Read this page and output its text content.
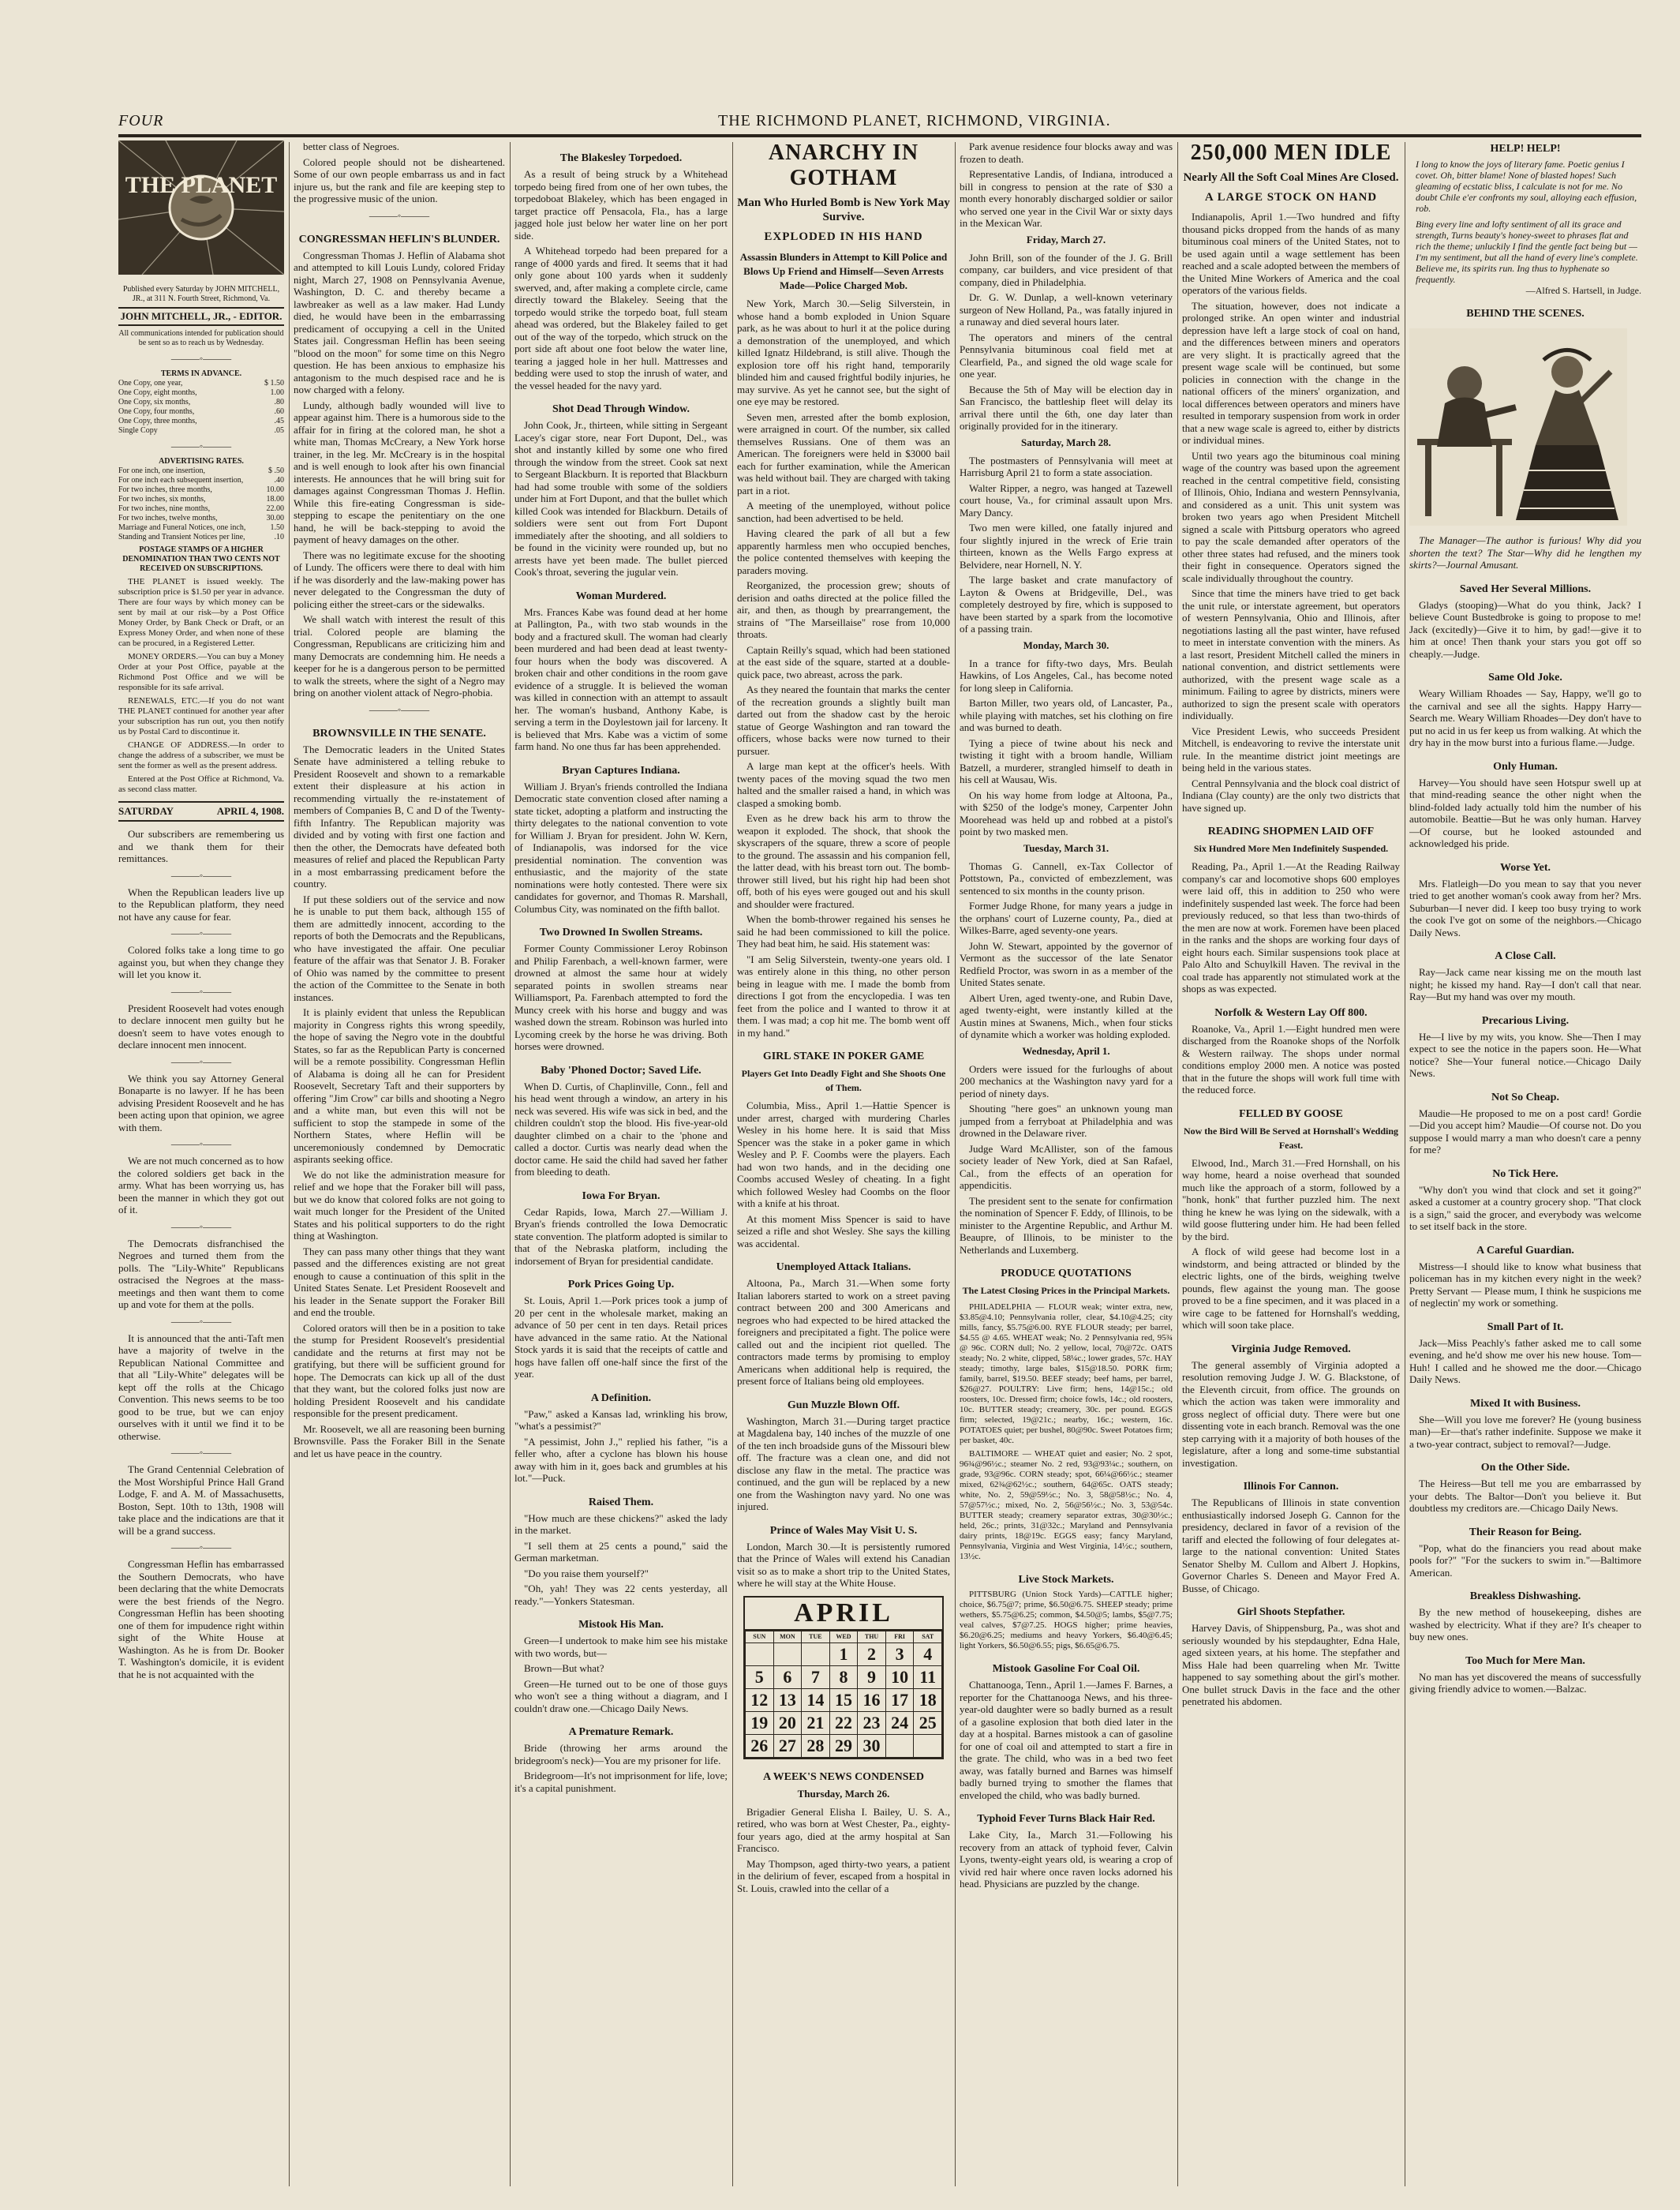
FOUR	THE RICHMOND PLANET, RICHMOND, VIRGINIA.
THE PLANET
Published every Saturday by JOHN MITCHELL, JR., at 311 N. Fourth Street, Richmond, Va.
JOHN MITCHELL, JR., - EDITOR.
All communications intended for publication should be sent so as to reach us by Wednesday.
———◦———
TERMS IN ADVANCE.
One Copy, one year,	$ 1.50
One Copy, eight months,	1.00
One Copy, six months,	.80
One Copy, four months,	.60
One Copy, three months,	.45
Single Copy	.05
———◦———
ADVERTISING RATES.
For one inch, one insertion,	$ .50
For one inch each subsequent insertion,	.40
For two inches, three months,	10.00
For two inches, six months,	18.00
For two inches, nine months,	22.00
For two inches, twelve months,	30.00
Marriage and Funeral Notices, one inch,	1.50
Standing and Transient Notices per line,	.10
POSTAGE STAMPS OF A HIGHER DENOMINATION THAN TWO CENTS NOT RECEIVED ON SUBSCRIPTIONS.

THE PLANET is issued weekly. The subscription price is $1.50 per year in advance. There are four ways by which money can be sent by mail at our risk—by a Post Office Money Order, by Bank Check or Draft, or an Express Money Order, and when none of these can be procured, in a Registered Letter.

MONEY ORDERS.—You can buy a Money Order at your Post Office, payable at the Richmond Post Office and we will be responsible for its safe arrival.

RENEWALS, ETC.—If you do not want THE PLANET continued for another year after your subscription has run out, you then notify us by Postal Card to discontinue it.

CHANGE OF ADDRESS.—In order to change the address of a subscriber, we must be sent the former as well as the present address.

Entered at the Post Office at Richmond, Va. as second class matter.

SATURDAY	APRIL 4, 1908.

Our subscribers are remembering us and we thank them for their remittances.

———◦———

When the Republican leaders live up to the Republican platform, they need not have any cause for fear.

———◦———

Colored folks take a long time to go against you, but when they change they will let you know it.

———◦———

President Roosevelt had votes enough to declare innocent men guilty but he doesn't seem to have votes enough to declare innocent men innocent.

———◦———

We think you say Attorney General Bonaparte is no lawyer. If he has been advising President Roosevelt and he has been acting upon that opinion, we agree with them.

———◦———

We are not much concerned as to how the colored soldiers get back in the army. What has been worrying us, has been the manner in which they got out of it.

———◦———

The Democrats disfranchised the Negroes and turned them from the polls. The "Lily-White" Republicans ostracised the Negroes at the mass-meetings and then want them to come up and vote for them at the polls.

———◦———

It is announced that the anti-Taft men have a majority of twelve in the Republican National Committee and that all "Lily-White" delegates will be kept off the rolls at the Chicago Convention. This news seems to be too good to be true, but we can enjoy ourselves with it until we find it to be otherwise.

———◦———

The Grand Centennial Celebration of the Most Worshipful Prince Hall Grand Lodge, F. and A. M. of Massachusetts, Boston, Sept. 10th to 13th, 1908 will take place and the indications are that it will be a grand success.

———◦———

Congressman Heflin has embarrassed the Southern Democrats, who have been declaring that the white Democrats were the best friends of the Negro. Congressman Heflin has been shooting one of them for impudence right within sight of the White House at Washington. As he is from Dr. Booker T. Washington's domicile, it is evident that he is not acquainted with the

better class of Negroes.

Colored people should not be disheartened. Some of our own people embarrass us and in fact injure us, but the rank and file are keeping step to the progressive music of the union.

———◦———
CONGRESSMAN HEFLIN'S BLUNDER.

Congressman Thomas J. Heflin of Alabama shot and attempted to kill Louis Lundy, colored Friday night, March 27, 1908 on Pennsylvania Avenue, Washington, D. C. and thereby became a lawbreaker as well as a law maker. Had Lundy died, he would have been in the embarrassing predicament of occupying a cell in the United States jail. Congressman Heflin has been seeing "blood on the moon" for some time on this Negro question. He has been anxious to emphasize his antagonism to the much despised race and he is now charged with a felony.

Lundy, although badly wounded will live to appear against him. There is a humorous side to the affair for in firing at the colored man, he shot a white man, Thomas McCreary, a New York horse trainer, in the leg. Mr. McCreary is in the hospital and is well enough to look after his own financial interests. He announces that he will bring suit for damages against Congressman Thomas J. Heflin. While this fire-eating Congressman is side-stepping to escape the penitentiary on the one hand, he will be back-stepping to avoid the payment of heavy damages on the other.

There was no legitimate excuse for the shooting of Lundy. The officers were there to deal with him if he was disorderly and the law-making power has never delegated to the Congressman the duty of policing either the street-cars or the sidewalks.

We shall watch with interest the result of this trial. Colored people are blaming the Congressman, Republicans are criticizing him and many Democrats are condemning him. He needs a keeper for he is a dangerous person to be permitted to walk the streets, where the sight of a Negro may bring on another violent attack of Negro-phobia.

———◦———
BROWNSVILLE IN THE SENATE.

The Democratic leaders in the United States Senate have administered a telling rebuke to President Roosevelt and shown to a remarkable extent their displeasure at his action in recommending virtually the re-instatement of members of Companies B, C and D of the Twenty-fifth Infantry. The Republican majority was divided and by voting with first one faction and then the other, the Democrats have defeated both measures of relief and placed the Republican Party in a most embarrassing predicament before the country.

If put these soldiers out of the service and now he is unable to put them back, although 155 of them are admittedly innocent, according to the reports of both the Democrats and the Republicans, who have investigated the affair. One peculiar feature of the affair was that Senator J. B. Foraker of Ohio was named by the committee to present the action of the Committee to the Senate in both instances.

It is plainly evident that unless the Republican majority in Congress rights this wrong speedily, the hope of saving the Negro vote in the doubtful States, so far as the Republican Party is concerned will be a remote possibility. Congressman Heflin of Alabama is doing all he can for President Roosevelt, Secretary Taft and their supporters by offering "Jim Crow" car bills and shooting a Negro and a white man, but even this will not be sufficient to stop the stampede in some of the Northern States, where Heflin will be unceremoniously condemned by Democratic aspirants seeking office.

We do not like the administration measure for relief and we hope that the Foraker bill will pass, but we do know that colored folks are not going to wait much longer for the President of the United States and his political supporters to do the right thing at Washington.

They can pass many other things that they want passed and the differences existing are not great enough to cause a continuation of this split in the United States Senate. Let President Roosevelt and his leader in the Senate support the Foraker Bill and end the trouble.

Colored orators will then be in a position to take the stump for President Roosevelt's presidential candidate and the returns at first may not be gratifying, but there will be sufficient ground for hope. The Democrats can kick up all of the dust that they want, but the colored folks just now are holding President Roosevelt and his candidate responsible for the present predicament.

Mr. Roosevelt, we all are reasoning been burning Brownsville. Pass the Foraker Bill in the Senate and let us have peace in the country.

The Blakesley Torpedoed.

As a result of being struck by a Whitehead torpedo being fired from one of her own tubes, the torpedoboat Blakeley, which has been engaged in target practice off Pensacola, Fla., has a large jagged hole just below her water line on her port side.

A Whitehead torpedo had been prepared for a range of 4000 yards and fired. It seems that it had only gone about 100 yards when it suddenly swerved, and, after making a complete circle, came directly toward the Blakeley. Seeing that the torpedo would strike the torpedo boat, full steam ahead was ordered, but the Blakeley failed to get out of the way of the torpedo, which struck on the port side aft about one foot below the water line, tearing a jagged hole in her hull. Mattresses and bedding were used to stop the inrush of water, and the vessel headed for the navy yard.

Shot Dead Through Window.

John Cook, Jr., thirteen, while sitting in Sergeant Lacey's cigar store, near Fort Dupont, Del., was shot and instantly killed by some one who fired through the window from the street. Cook sat next to Sergeant Blackburn. It is reported that Blackburn had had some trouble with some of the soldiers under him at Fort Dupont, and that the bullet which killed Cook was intended for Blackburn. Details of soldiers were sent out from Fort Dupont immediately after the shooting, and all soldiers to be found in the vicinity were rounded up, but no arrests have yet been made. The bullet pierced Cook's throat, severing the jugular vein.

Woman Murdered.

Mrs. Frances Kabe was found dead at her home at Pallington, Pa., with two stab wounds in the body and a fractured skull. The woman had clearly been murdered and had been dead at least twenty-four hours when the body was discovered. A broken chair and other conditions in the room gave evidence of a struggle. It is believed the woman was killed in connection with an attempt to assault her. The woman's husband, Anthony Kabe, is serving a term in the Doylestown jail for larceny. It is believed that Mrs. Kabe was a victim of some farm hand. No one thus far has been apprehended.

Bryan Captures Indiana.

William J. Bryan's friends controlled the Indiana Democratic state convention closed after naming a state ticket, adopting a platform and instructing the thirty delegates to the national convention to vote for William J. Bryan for president. John W. Kern, of Indianapolis, was indorsed for the vice presidential nomination. The convention was enthusiastic, and the majority of the state nominations were hotly contested. There were six candidates for governor, and Thomas R. Marshall, Columbus City, was nominated on the fifth ballot.

Two Drowned In Swollen Streams.

Former County Commissioner Leroy Robinson and Philip Farenbach, a well-known farmer, were drowned at almost the same hour at widely separated points in swollen streams near Williamsport, Pa. Farenbach attempted to ford the Muncy creek with his horse and buggy and was washed down the stream. Robinson was hurled into Lycoming creek by the horse he was driving. Both horses were drowned.

Baby 'Phoned Doctor; Saved Life.

When D. Curtis, of Chaplinville, Conn., fell and his head went through a window, an artery in his neck was severed. His wife was sick in bed, and the children couldn't stop the blood. His five-year-old daughter climbed on a chair to the 'phone and called a doctor. Curtis was nearly dead when the doctor came. He said the child had saved her father from bleeding to death.

Iowa For Bryan.

Cedar Rapids, Iowa, March 27.—William J. Bryan's friends controlled the Iowa Democratic state convention. The platform adopted is similar to that of the Nebraska platform, including the indorsement of Bryan for presidential candidate.

Pork Prices Going Up.

St. Louis, April 1.—Pork prices took a jump of 20 per cent in the wholesale market, making an advance of 50 per cent in ten days. Retail prices have advanced in the same ratio. At the National Stock yards it is said that the receipts of cattle and hogs have fallen off one-half since the first of the year.

A Definition.

"Paw," asked a Kansas lad, wrinkling his brow, "what's a pessimist?"

"A pessimist, John J.," replied his father, "is a feller who, after a cyclone has blown his house away with him in it, goes back and grumbles at his lot."—Puck.

Raised Them.

"How much are these chickens?" asked the lady in the market.

"I sell them at 25 cents a pound," said the German marketman.

"Do you raise them yourself?"

"Oh, yah! They was 22 cents yesterday, all ready."—Yonkers Statesman.

Mistook His Man.

Green—I undertook to make him see his mistake with two words, but—

Brown—But what?

Green—He turned out to be one of those guys who won't see a thing without a diagram, and I couldn't draw one.—Chicago Daily News.

A Premature Remark.

Bride (throwing her arms around the bridegroom's neck)—You are my prisoner for life.

Bridegroom—It's not imprisonment for life, love; it's a capital punishment.

ANARCHY IN GOTHAM
Man Who Hurled Bomb is New York May Survive.
EXPLODED IN HIS HAND
Assassin Blunders in Attempt to Kill Police and Blows Up Friend and Himself—Seven Arrests Made—Police Charged Mob.

New York, March 30.—Selig Silverstein, in whose hand a bomb exploded in Union Square park, as he was about to hurl it at the police during a demonstration of the unemployed, and which killed Ignatz Hildebrand, is still alive. Though the explosion tore off his right hand, temporarily blinded him and caused frightful bodily injuries, he may survive. As yet he cannot see, but the sight of one eye may be restored.

Seven men, arrested after the bomb explosion, were arraigned in court. Of the number, six called themselves Russians. One of them was an American. The foreigners were held in $3000 bail each for further examination, while the American was held without bail. They are charged with taking part in a riot.

A meeting of the unemployed, without police sanction, had been advertised to be held.

Having cleared the park of all but a few apparently harmless men who occupied benches, the police contented themselves with keeping the paraders moving.

Reorganized, the procession grew; shouts of derision and oaths directed at the police filled the air, and then, as though by prearrangement, the strains of "The Marseillaise" rose from 10,000 throats.

Captain Reilly's squad, which had been stationed at the east side of the square, started at a double-quick pace, two abreast, across the park.

As they neared the fountain that marks the center of the recreation grounds a slightly built man darted out from the shadow cast by the heroic statue of George Washington and ran toward the officers, whose backs were now turned to their pursuer.

A large man kept at the officer's heels. With twenty paces of the moving squad the two men halted and the smaller raised a hand, in which was clasped a smoking bomb.

Even as he drew back his arm to throw the weapon it exploded. The shock, that shook the skyscrapers of the square, threw a score of people to the ground. The assassin and his companion fell, the latter dead, with his breast torn out. The bomb-thrower still lived, but his right hip had been shot off, both of his eyes were gouged out and his skull and shoulder were fractured.

When the bomb-thrower regained his senses he said he had been commissioned to kill the police. They had beat him, he said. His statement was:

"I am Selig Silverstein, twenty-one years old. I was entirely alone in this thing, no other person being in league with me. I made the bomb from directions I got from the encyclopedia. I was ten feet from the police and I wanted to throw it at them. I was mad; a cop hit me. The bomb went off in my hand."

GIRL STAKE IN POKER GAME
Players Get Into Deadly Fight and She Shoots One of Them.

Columbia, Miss., April 1.—Hattie Spencer is under arrest, charged with murdering Charles Wesley in his home here. It is said that Miss Spencer was the stake in a poker game in which Wesley and P. F. Coombs were the players. Each had won two hands, and in the deciding one Coombs accused Wesley of cheating. In a fight which followed Wesley had Coombs on the floor with a knife at his throat.

At this moment Miss Spencer is said to have seized a rifle and shot Wesley. She says the killing was accidental.

Unemployed Attack Italians.

Altoona, Pa., March 31.—When some forty Italian laborers started to work on a street paving contract between 200 and 300 Americans and negroes who had expected to be hired attacked the foreigners and precipitated a fight. The police were called out and the incipient riot quelled. The contractors made terms by promising to employ Americans when additional help is required, the present force of Italians being old employees.

Gun Muzzle Blown Off.

Washington, March 31.—During target practice at Magdalena bay, 140 inches of the muzzle of one of the ten inch broadside guns of the Missouri blew off. The fracture was a clean one, and did not disclose any flaw in the metal. The practice was continued, and the gun will be replaced by a new one from the Washington navy yard. No one was injured.

Prince of Wales May Visit U. S.

London, March 30.—It is persistently rumored that the Prince of Wales will extend his Canadian visit so as to make a short trip to the United States, where he will stay at the White House.

APRIL
SUN	MON	TUE	WED	THU	FRI	SAT
			1	2	3	4
5	6	7	8	9	10	11
12	13	14	15	16	17	18
19	20	21	22	23	24	25
26	27	28	29	30		
A WEEK'S NEWS CONDENSED
Thursday, March 26.

Brigadier General Elisha I. Bailey, U. S. A., retired, who was born at West Chester, Pa., eighty-four years ago, died at the army hospital at San Francisco.

May Thompson, aged thirty-two years, a patient in the delirium of fever, escaped from a hospital in St. Louis, crawled into the cellar of a

Park avenue residence four blocks away and was frozen to death.

Representative Landis, of Indiana, introduced a bill in congress to pension at the rate of $30 a month every honorably discharged soldier or sailor who served one year in the Civil War or sixty days in the Mexican War.

Friday, March 27.

John Brill, son of the founder of the J. G. Brill company, car builders, and vice president of that company, died in Philadelphia.

Dr. G. W. Dunlap, a well-known veterinary surgeon of New Holland, Pa., was fatally injured in a runaway and died several hours later.

The operators and miners of the central Pennsylvania bituminous coal field met at Clearfield, Pa., and signed the old wage scale for one year.

Because the 5th of May will be election day in San Francisco, the battleship fleet will delay its arrival there until the 6th, one day later than originally provided for in the itinerary.

Saturday, March 28.

The postmasters of Pennsylvania will meet at Harrisburg April 21 to form a state association.

Walter Ripper, a negro, was hanged at Tazewell court house, Va., for criminal assault upon Mrs. Mary Dancy.

Two men were killed, one fatally injured and four slightly injured in the wreck of Erie train thirteen, known as the Wells Fargo express at Belvidere, near Hornell, N. Y.

The large basket and crate manufactory of Layton & Owens at Bridgeville, Del., was completely destroyed by fire, which is supposed to have been started by a spark from the locomotive of a passing train.

Monday, March 30.

In a trance for fifty-two days, Mrs. Beulah Hawkins, of Los Angeles, Cal., has become noted for long sleep in California.

Barton Miller, two years old, of Lancaster, Pa., while playing with matches, set his clothing on fire and was burned to death.

Tying a piece of twine about his neck and twisting it tight with a broom handle, William Batzell, a murderer, strangled himself to death in his cell at Wausau, Wis.

On his way home from lodge at Altoona, Pa., with $250 of the lodge's money, Carpenter John Moorehead was held up and robbed at a pistol's point by two masked men.

Tuesday, March 31.

Thomas G. Cannell, ex-Tax Collector of Pottstown, Pa., convicted of embezzlement, was sentenced to six months in the county prison.

Former Judge Rhone, for many years a judge in the orphans' court of Luzerne county, Pa., died at Wilkes-Barre, aged seventy-one years.

John W. Stewart, appointed by the governor of Vermont as the successor of the late Senator Redfield Proctor, was sworn in as a member of the United States senate.

Albert Uren, aged twenty-one, and Rubin Dave, aged twenty-eight, were instantly killed at the Austin mines at Swanens, Mich., when four sticks of dynamite which a worker was holding exploded.

Wednesday, April 1.

Orders were issued for the furloughs of about 200 mechanics at the Washington navy yard for a period of ninety days.

Shouting "here goes" an unknown young man jumped from a ferryboat at Philadelphia and was drowned in the Delaware river.

Judge Ward McAllister, son of the famous society leader of New York, died at San Rafael, Cal., from the effects of an operation for appendicitis.

The president sent to the senate for confirmation the nomination of Spencer F. Eddy, of Illinois, to be minister to the Argentine Republic, and Arthur M. Beaupre, of Illinois, to be minister to the Netherlands and Luxemberg.

PRODUCE QUOTATIONS
The Latest Closing Prices in the Principal Markets.

PHILADELPHIA — FLOUR weak; winter extra, new, $3.85@4.10; Pennsylvania roller, clear, $4.10@4.25; city mills, fancy, $5.75@6.00. RYE FLOUR steady; per barrel, $4.55 @ 4.65. WHEAT weak; No. 2 Pennsylvania red, 95¾ @ 96c. CORN dull; No. 2 yellow, local, 70@72c. OATS steady; No. 2 white, clipped, 58¼c.; lower grades, 57c. HAY steady; timothy, large bales, $15@18.50. PORK firm; family, barrel, $19.50. BEEF steady; beef hams, per barrel, $26@27. POULTRY: Live firm; hens, 14@15c.; old roosters, 10c. Dressed firm; choice fowls, 14c.; old roosters, 10c. BUTTER steady; creamery, 30c. per pound. EGGS firm; selected, 19@21c.; nearby, 16c.; western, 16c. POTATOES quiet; per bushel, 80@90c. Sweet Potatoes firm; per basket, 40c.

BALTIMORE — WHEAT quiet and easier; No. 2 spot, 96¾@96½c.; steamer No. 2 red, 93@93¼c.; southern, on grade, 93@96c. CORN steady; spot, 66¼@66½c.; steamer mixed, 62¾@62½c.; southern, 64@65c. OATS steady; white, No. 2, 59@59½c.; No. 3, 58@58½c.; No. 4, 57@57½c.; mixed, No. 2, 56@56½c.; No. 3, 53@54c. BUTTER steady; creamery separator extras, 30@30½c.; held, 26c.; prints, 31@32c.; Maryland and Pennsylvania dairy prints, 18@19c. EGGS easy; fancy Maryland, Pennsylvania, Virginia and West Virginia, 14½c.; southern, 13½c.

Live Stock Markets.

PITTSBURG (Union Stock Yards)—CATTLE higher; choice, $6.75@7; prime, $6.50@6.75. SHEEP steady; prime wethers, $5.75@6.25; common, $4.50@5; lambs, $5@7.75; veal calves, $7@7.25. HOGS higher; prime heavies, $6.20@6.25; mediums and heavy Yorkers, $6.40@6.45; light Yorkers, $6.50@6.55; pigs, $6.65@6.75.

Mistook Gasoline For Coal Oil.

Chattanooga, Tenn., April 1.—James F. Barnes, a reporter for the Chattanooga News, and his three-year-old daughter were so badly burned as a result of a gasoline explosion that both died later in the day at a hospital. Barnes mistook a can of gasoline for one of coal oil and attempted to start a fire in the grate. The child, who was in a bed two feet away, was fatally burned and Barnes was himself badly burned trying to smother the flames that enveloped the child, who was badly burned.

Typhoid Fever Turns Black Hair Red.

Lake City, Ia., March 31.—Following his recovery from an attack of typhoid fever, Calvin Lyons, twenty-eight years old, is wearing a crop of vivid red hair where once raven locks adorned his head. Physicians are puzzled by the change.

250,000 MEN IDLE
Nearly All the Soft Coal Mines Are Closed.
A LARGE STOCK ON HAND

Indianapolis, April 1.—Two hundred and fifty thousand picks dropped from the hands of as many bituminous coal miners of the United States, not to be used again until a wage settlement has been reached and a scale adopted between the members of the United Mine Workers of America and the coal operators of the various fields.

The situation, however, does not indicate a prolonged strike. An open winter and industrial depression have left a large stock of coal on hand, and the differences between miners and operators are very slight. It is practically agreed that the present wage scale will be continued, but some policies in connection with the change in the national officers of the miners' organization, and local differences between operators and miners have resulted in temporary suspension from work in order that a new wage scale is agreed to, either by districts or individual mines.

Until two years ago the bituminous coal mining wage of the country was based upon the agreement reached in the central competitive field, consisting of Illinois, Ohio, Indiana and western Pennsylvania, and considered as a unit. This unit system was broken two years ago when President Mitchell signed a scale with Pittsburg operators who agreed to pay the scale demanded after operators of the other three states had refused, and the miners took their fight in consequence. Operators signed the scale individually throughout the country.

Since that time the miners have tried to get back the unit rule, or interstate agreement, but operators of western Pennsylvania, Ohio and Illinois, after negotiations lasting all the past winter, have refused to meet in interstate convention with the miners. As a last resort, President Mitchell called the miners in national convention, and district settlements were authorized, with the present wage scale as a minimum. Failing to agree by districts, miners were authorized to sign the present scale with operators individually.

Vice President Lewis, who succeeds President Mitchell, is endeavoring to revive the interstate unit rule. In the meantime district joint meetings are being held in the various states.

Central Pennsylvania and the block coal district of Indiana (Clay county) are the only two districts that have signed up.

READING SHOPMEN LAID OFF
Six Hundred More Men Indefinitely Suspended.

Reading, Pa., April 1.—At the Reading Railway company's car and locomotive shops 600 employes were laid off, this in addition to 250 who were indefinitely suspended last week. The force had been previously reduced, so that less than two-thirds of the men are now at work. Foremen have been placed in the ranks and the shops are working four days of eight hours each. Similar suspensions took place at Palo Alto and Schuylkill Haven. The revival in the coal trade has apparently not stimulated work at the shops as was expected.

Norfolk & Western Lay Off 800.

Roanoke, Va., April 1.—Eight hundred men were discharged from the Roanoke shops of the Norfolk & Western railway. The shops under normal conditions employ 2000 men. A notice was posted that in the future the shops will work full time with the reduced force.

FELLED BY GOOSE
Now the Bird Will Be Served at Hornshall's Wedding Feast.

Elwood, Ind., March 31.—Fred Hornshall, on his way home, heard a noise overhead that sounded much like the approach of a storm, followed by a "honk, honk" that further puzzled him. The next thing he knew he was lying on the sidewalk, with a wild goose fluttering under him. He had been felled by the bird.

A flock of wild geese had become lost in a windstorm, and being attracted or blinded by the electric lights, one of the birds, weighing twelve pounds, flew against the young man. The goose proved to be a fine specimen, and it was placed in a wire cage to be fattened for Hornshall's wedding, which will soon take place.

Virginia Judge Removed.

The general assembly of Virginia adopted a resolution removing Judge J. W. G. Blackstone, of the Eleventh circuit, from office. The grounds on which the action was taken were immorality and gross neglect of official duty. There were but one dissenting vote in each branch. Removal was the one step carrying with it a majority of both houses of the legislature, after a long and some-time substantial investigation.

Illinois For Cannon.

The Republicans of Illinois in state convention enthusiastically indorsed Joseph G. Cannon for the presidency, declared in favor of a revision of the tariff and elected the following of four delegates at-large to the national convention: United States Senator Shelby M. Cullom and Albert J. Hopkins, Governor Charles S. Deneen and Mayor Fred A. Busse, of Chicago.

Girl Shoots Stepfather.

Harvey Davis, of Shippensburg, Pa., was shot and seriously wounded by his stepdaughter, Edna Hale, aged sixteen years, at his home. The stepfather and Miss Hale had been quarreling when Mr. Twitte happened to say something about the girl's mother. One bullet struck Davis in the face and the other penetrated his abdomen.

HELP! HELP!
I long to know the joys of literary fame. Poetic genius I covet. Oh, bitter blame! None of blasted hopes! Such gleaming of ecstatic bliss, I calculate is not for me. No doubt Chile e'er confronts my soul, alloying each effusion, rob.
Bing every line and lofty sentiment of all its grace and strength, Turns beauty's honey-sweet to phrases flat and rich the theme; unluckily I find the gentle fact being but — I'm my sentiment, but all the hand of every line's complete. Believe me, its spirits run. Ing thus to hyphenate so frequently.
—Alfred S. Hartsell, in Judge.
BEHIND THE SCENES.

The Manager—The author is furious! Why did you shorten the text? The Star—Why did he lengthen my skirts?—Journal Amusant.

Saved Her Several Millions.

Gladys (stooping)—What do you think, Jack? I believe Count Bustedbroke is going to propose to me! Jack (excitedly)—Give it to him, by gad!—give it to him at once! Then thank your stars you got off so cheaply.—Judge.

Same Old Joke.

Weary William Rhoades — Say, Happy, we'll go to the carnival and see all the sights. Happy Harry—Search me. Weary William Rhoades—Dey don't have to put no acid in us fer keep us from walking. At which the dry hay in the mow burst into a furious flame.—Judge.

Only Human.

Harvey—You should have seen Hotspur swell up at that mind-reading seance the other night when the blind-folded lady actually told him the number of his automobile. Beattie—But he was only human. Harvey—Of course, but he looked astounded and acknowledged his pride.

Worse Yet.

Mrs. Flatleigh—Do you mean to say that you never tried to get another woman's cook away from her? Mrs. Suburban—I never did. I keep too busy trying to work the cook I've got on some of the neighbors.—Chicago Daily News.

A Close Call.

Ray—Jack came near kissing me on the mouth last night; he kissed my hand. Ray—I don't call that near. Ray—But my hand was over my mouth.

Precarious Living.

He—I live by my wits, you know. She—Then I may expect to see the notice in the papers soon. He—What notice? She—Your funeral notice.—Chicago Daily News.

Not So Cheap.

Maudie—He proposed to me on a post card! Gordie—Did you accept him? Maudie—Of course not. Do you suppose I would marry a man who doesn't care a penny for me?

No Tick Here.

"Why don't you wind that clock and set it going?" asked a customer at a country grocery shop. "That clock is a sign," said the grocer, and everybody was welcome to set itself back in the store.

A Careful Guardian.

Mistress—I should like to know what business that policeman has in my kitchen every night in the week? Pretty Servant — Please mum, I think he suspicions me of neglectin' my work or something.

Small Part of It.

Jack—Miss Peachly's father asked me to call some evening, and he'd show me over his new house. Tom—Huh! I called and he showed me the door.—Chicago Daily News.

Mixed It with Business.

She—Will you love me forever? He (young business man)—Er—that's rather indefinite. Suppose we make it a two-year contract, subject to removal?—Judge.

On the Other Side.

The Heiress—But tell me you are embarrassed by your debts. The Baltor—Don't you believe it. But doubtless my creditors are.—Chicago Daily News.

Their Reason for Being.

"Pop, what do the financiers you read about make pools for?" "For the suckers to swim in."—Baltimore American.

Breakless Dishwashing.

By the new method of housekeeping, dishes are washed by electricity. What if they are? It's cheaper to buy new ones.

Too Much for Mere Man.

No man has yet discovered the means of successfully giving friendly advice to women.—Balzac.
